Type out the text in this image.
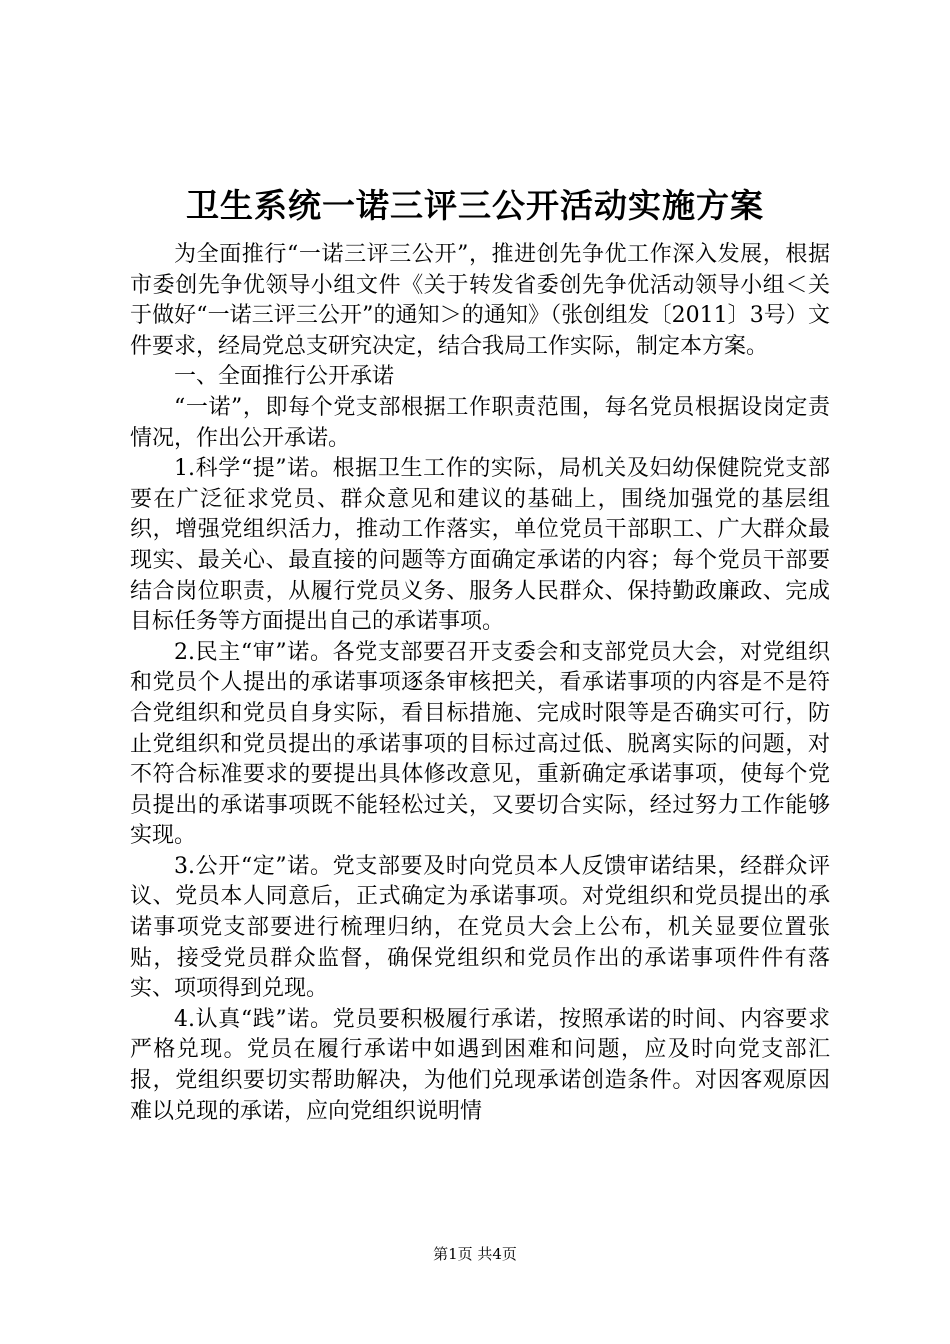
卫生系统一诺三评三公开活动实施方案

为全面推行“一诺三评三公开”，推进创先争优工作深入发展，根据市委创先争优领导小组文件《关于转发省委创先争优活动领导小组＜关于做好“一诺三评三公开”的通知＞的通知》（张创组发〔2011〕3号）文件要求，经局党总支研究决定，结合我局工作实际，制定本方案。

一、全面推行公开承诺

“一诺”，即每个党支部根据工作职责范围，每名党员根据设岗定责情况，作出公开承诺。

1.科学“提”诺。根据卫生工作的实际，局机关及妇幼保健院党支部要在广泛征求党员、群众意见和建议的基础上，围绕加强党的基层组织，增强党组织活力，推动工作落实，单位党员干部职工、广大群众最现实、最关心、最直接的问题等方面确定承诺的内容；每个党员干部要结合岗位职责，从履行党员义务、服务人民群众、保持勤政廉政、完成目标任务等方面提出自己的承诺事项。

2.民主“审”诺。各党支部要召开支委会和支部党员大会，对党组织和党员个人提出的承诺事项逐条审核把关，看承诺事项的内容是不是符合党组织和党员自身实际，看目标措施、完成时限等是否确实可行，防止党组织和党员提出的承诺事项的目标过高过低、脱离实际的问题，对不符合标准要求的要提出具体修改意见，重新确定承诺事项，使每个党员提出的承诺事项既不能轻松过关，又要切合实际，经过努力工作能够实现。

3.公开“定”诺。党支部要及时向党员本人反馈审诺结果，经群众评议、党员本人同意后，正式确定为承诺事项。对党组织和党员提出的承诺事项党支部要进行梳理归纳，在党员大会上公布，机关显要位置张贴，接受党员群众监督，确保党组织和党员作出的承诺事项件件有落实、项项得到兑现。

4.认真“践”诺。党员要积极履行承诺，按照承诺的时间、内容要求严格兑现。党员在履行承诺中如遇到困难和问题，应及时向党支部汇报，党组织要切实帮助解决，为他们兑现承诺创造条件。对因客观原因难以兑现的承诺，应向党组织说明情

第1页 共4页
